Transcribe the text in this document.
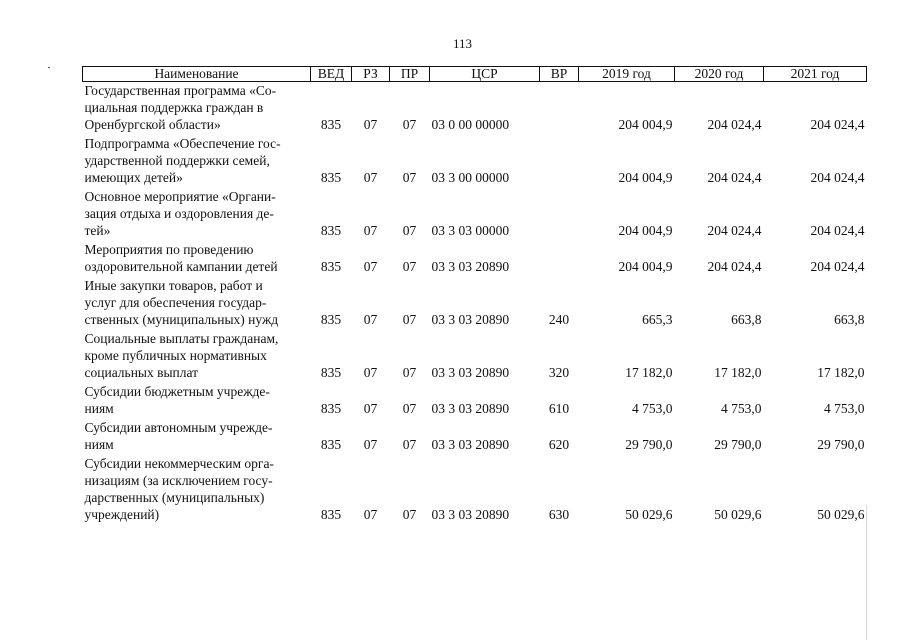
113
Наименование	ВЕД	РЗ	ПР	ЦСР	ВР	2019 год	2020 год	2021 год

Государственная программа «Со-
циальная поддержка граждан в
Оренбургской области»	835	07	07	03 0 00 00000		204 004,9	204 024,4	204 024,4

Подпрограмма «Обеспечение гос-
ударственной поддержки семей,
имеющих детей»	835	07	07	03 3 00 00000		204 004,9	204 024,4	204 024,4

Основное мероприятие «Органи-
зация отдыха и оздоровления де-
тей»	835	07	07	03 3 03 00000		204 004,9	204 024,4	204 024,4

Мероприятия по проведению
оздоровительной кампании детей	835	07	07	03 3 03 20890		204 004,9	204 024,4	204 024,4

Иные закупки товаров, работ и
услуг для обеспечения государ-
ственных (муниципальных) нужд	835	07	07	03 3 03 20890	240	665,3	663,8	663,8

Социальные выплаты гражданам,
кроме публичных нормативных
социальных выплат	835	07	07	03 3 03 20890	320	17 182,0	17 182,0	17 182,0

Субсидии бюджетным учрежде-
ниям	835	07	07	03 3 03 20890	610	4 753,0	4 753,0	4 753,0

Субсидии автономным учрежде-
ниям	835	07	07	03 3 03 20890	620	29 790,0	29 790,0	29 790,0

Субсидии некоммерческим орга-
низациям (за исключением госу-
дарственных (муниципальных)
учреждений)	835	07	07	03 3 03 20890	630	50 029,6	50 029,6	50 029,6
